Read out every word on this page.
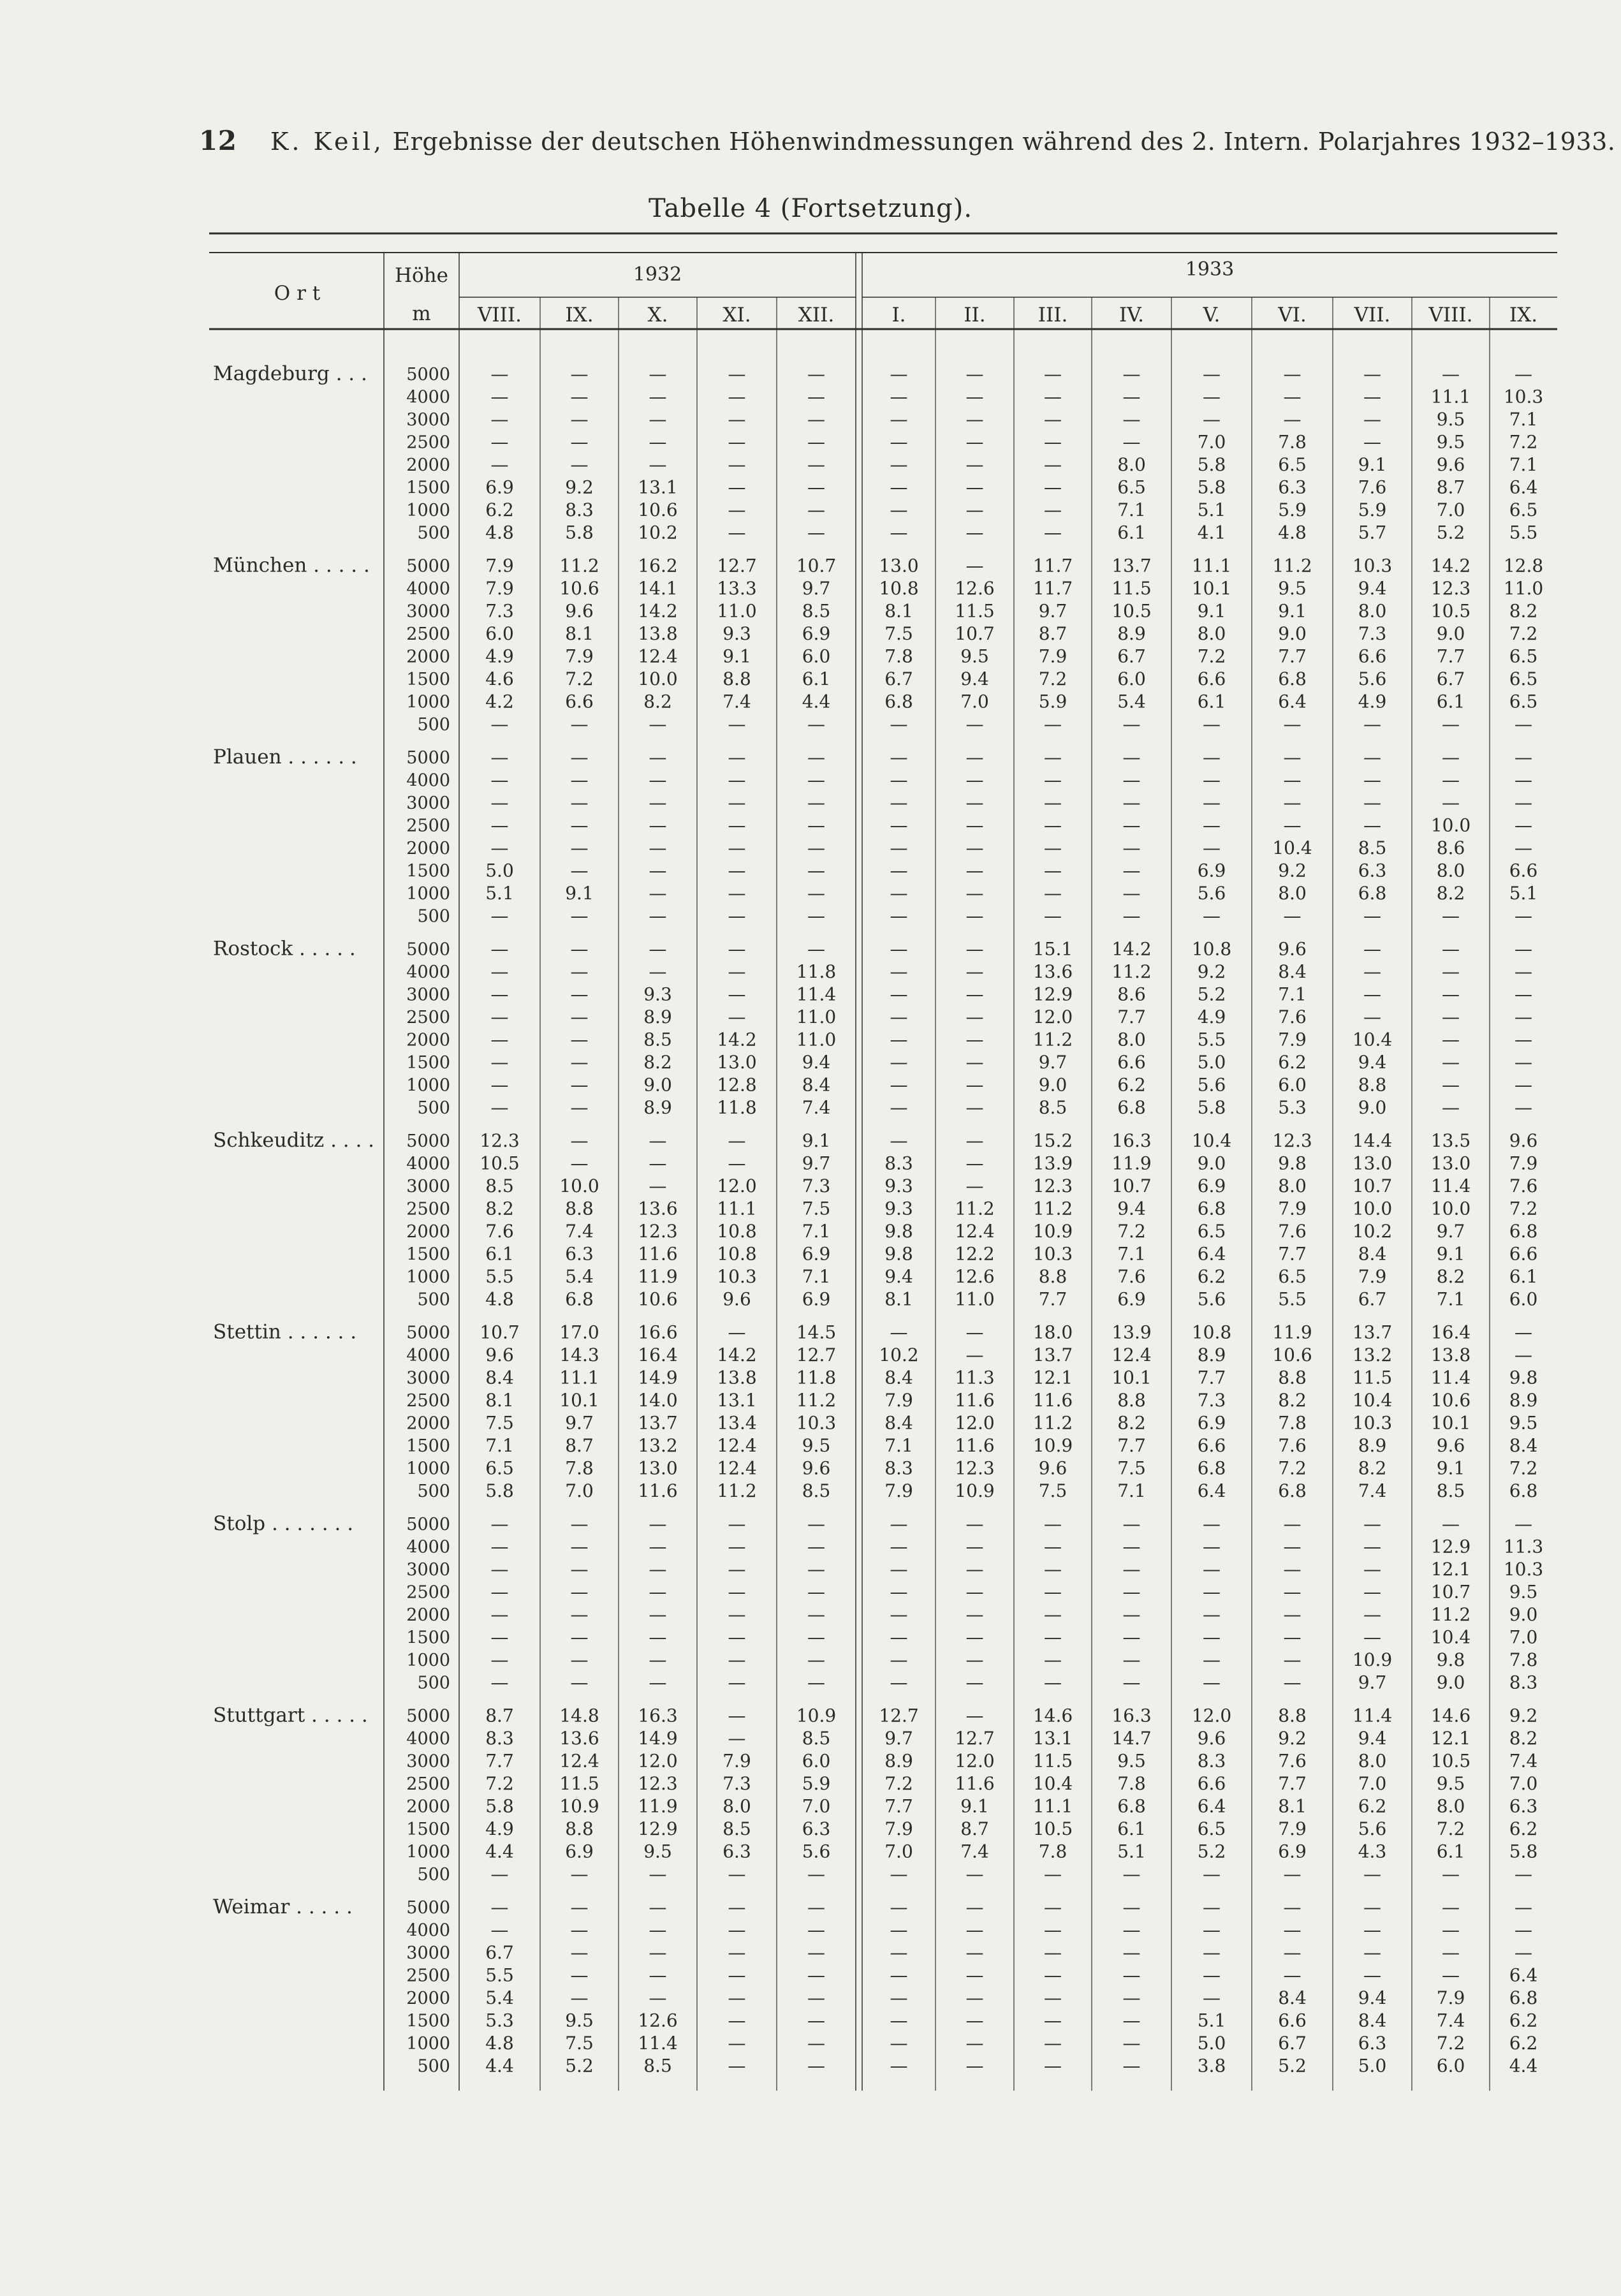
12 K. Keil, Ergebnisse der deutschen Höhenwindmessungen während des 2. Intern. Polarjahres 1932–1933.
Tabelle 4 (Fortsetzung).
O r t
Höhe
m
1932	1933
VIII. IX.	X.	XI. XII.	I.	II.	III.	IV.	V.	VI. VII. VIII. IX.
Magdeburg . . . 5000 —	—	—	—	—	—	—	—	—	—	—	—	—	—
4000 —	—	—	—	—	—	—	—	—	—	—	—	11.1 10.3
3000 —	—	—	—	—	—	—	—	—	—	—	—	9.5 7.1
2500 —	—	—	—	—	—	—	—	—	7.0	7.8	—	9.5 7.2
2000 —	—	—	—	—	—	—	—	8.0	5.8	6.5	9.1	9.6 7.1
1500 6.9	9.2 13.1	—	—	—	—	—	6.5	5.8	6.3	7.6	8.7 6.4
1000 6.2	8.3 10.6	—	—	—	—	—	7.1	5.1	5.9	5.9	7.0 6.5
500 4.8	5.8 10.2	—	—	—	—	—	6.1	4.1	4.8	5.7	5.2 5.5
München . . . . . 5000 7.9	11.2 16.2 12.7 10.7 13.0	—	11.7 13.7 11.1 11.2 10.3 14.2 12.8
4000 7.9	10.6 14.1 13.3	9.7	10.8 12.6 11.7 11.5 10.1	9.5	9.4 12.3 11.0
3000 7.3	9.6 14.2 11.0	8.5	8.1 11.5 9.7	10.5	9.1	9.1	8.0 10.5 8.2
2500 6.0	8.1 13.8	9.3	6.9	7.5 10.7 8.7	8.9	8.0	9.0	7.3	9.0 7.2
2000 4.9	7.9 12.4	9.1	6.0	7.8	9.5	7.9	6.7	7.2	7.7	6.6	7.7 6.5
1500 4.6	7.2 10.0	8.8	6.1	6.7	9.4	7.2	6.0	6.6	6.8	5.6	6.7 6.5
1000 4.2	6.6	8.2	7.4	4.4	6.8	7.0	5.9	5.4	6.1	6.4	4.9	6.1 6.5
500 —	—	—	—	—	—	—	—	—	—	—	—	—	—
Plauen . . . . . .	5000 —	—	—	—	—	—	—	—	—	—	—	—	—	—
4000 —	—	—	—	—	—	—	—	—	—	—	—	—	—
3000 —	—	—	—	—	—	—	—	—	—	—	—	—	—
2500 —	—	—	—	—	—	—	—	—	—	—	—	10.0 —
2000 —	—	—	—	—	—	—	—	—	—	10.4	8.5	8.6	—
1500 5.0	—	—	—	—	—	—	—	—	6.9	9.2	6.3	8.0 6.6
1000 5.1	9.1	—	—	—	—	—	—	—	5.6	8.0	6.8	8.2 5.1
500 —	—	—	—	—	—	—	—	—	—	—	—	—	—
Rostock . . . . .	5000 —	—	—	—	—	—	—	15.1 14.2 10.8	9.6	—	—	—
4000 —	—	—	—	11.8	—	—	13.6 11.2	9.2	8.4	—	—	—
3000 —	—	9.3	—	11.4	—	—	12.9	8.6	5.2	7.1	—	—	—
2500 —	—	8.9	—	11.0	—	—	12.0	7.7	4.9	7.6	—	—	—
2000 —	—	8.5	14.2 11.0	—	—	11.2	8.0	5.5	7.9	10.4	—	—
1500 —	—	8.2	13.0	9.4	—	—	9.7	6.6	5.0	6.2	9.4	—	—
1000 —	—	9.0	12.8	8.4	—	—	9.0	6.2	5.6	6.0	8.8	—	—
500 —	—	8.9	11.8	7.4	—	—	8.5	6.8	5.8	5.3	9.0	—	—
Schkeuditz . . . . 5000 12.3	—	—	—	9.1	—	—	15.2 16.3 10.4 12.3 14.4 13.5 9.6
4000 10.5	—	—	—	9.7	8.3	—	13.9 11.9	9.0	9.8	13.0 13.0 7.9
3000 8.5	10.0	—	12.0	7.3	9.3	—	12.3 10.7	6.9	8.0	10.7 11.4 7.6
2500 8.2	8.8 13.6 11.1	7.5	9.3 11.2 11.2	9.4	6.8	7.9	10.0 10.0 7.2
2000 7.6	7.4 12.3 10.8	7.1	9.8 12.4 10.9	7.2	6.5	7.6	10.2 9.7 6.8
1500 6.1	6.3 11.6 10.8	6.9	9.8 12.2 10.3	7.1	6.4	7.7	8.4	9.1 6.6
1000 5.5	5.4 11.9 10.3	7.1	9.4 12.6 8.8	7.6	6.2	6.5	7.9	8.2 6.1
500 4.8	6.8 10.6	9.6	6.9	8.1 11.0 7.7	6.9	5.6	5.5	6.7	7.1 6.0
Stettin . . . . . .	5000 10.7 17.0 16.6	—	14.5	—	—	18.0 13.9 10.8 11.9 13.7 16.4 —
4000 9.6	14.3 16.4 14.2 12.7 10.2	—	13.7 12.4	8.9	10.6 13.2 13.8 —
3000 8.4	11.1 14.9 13.8 11.8	8.4 11.3 12.1 10.1	7.7	8.8	11.5 11.4 9.8
2500 8.1	10.1 14.0 13.1 11.2	7.9 11.6 11.6	8.8	7.3	8.2	10.4 10.6 8.9
2000 7.5	9.7 13.7 13.4 10.3	8.4 12.0 11.2	8.2	6.9	7.8	10.3 10.1 9.5
1500 7.1	8.7 13.2 12.4	9.5	7.1 11.6 10.9	7.7	6.6	7.6	8.9	9.6 8.4
1000 6.5	7.8 13.0 12.4	9.6	8.3 12.3 9.6	7.5	6.8	7.2	8.2	9.1 7.2
500 5.8	7.0 11.6 11.2	8.5	7.9 10.9 7.5	7.1	6.4	6.8	7.4	8.5 6.8
Stolp . . . . . . .	5000 —	—	—	—	—	—	—	—	—	—	—	—	—	—
4000 —	—	—	—	—	—	—	—	—	—	—	—	12.9 11.3
3000 —	—	—	—	—	—	—	—	—	—	—	—	12.1 10.3
2500 —	—	—	—	—	—	—	—	—	—	—	—	10.7 9.5
2000 —	—	—	—	—	—	—	—	—	—	—	—	11.2 9.0
1500 —	—	—	—	—	—	—	—	—	—	—	—	10.4 7.0
1000 —	—	—	—	—	—	—	—	—	—	—	10.9 9.8 7.8
500 —	—	—	—	—	—	—	—	—	—	—	9.7	9.0 8.3
Stuttgart . . . . . 5000 8.7	14.8 16.3	—	10.9 12.7	—	14.6 16.3 12.0	8.8	11.4 14.6 9.2
4000 8.3	13.6 14.9	—	8.5	9.7 12.7 13.1 14.7	9.6	9.2	9.4 12.1 8.2
3000 7.7	12.4 12.0	7.9	6.0	8.9 12.0 11.5	9.5	8.3	7.6	8.0 10.5 7.4
2500 7.2	11.5 12.3	7.3	5.9	7.2 11.6 10.4	7.8	6.6	7.7	7.0	9.5 7.0
2000 5.8	10.9 11.9	8.0	7.0	7.7	9.1 11.1	6.8	6.4	8.1	6.2	8.0 6.3
1500 4.9	8.8 12.9	8.5	6.3	7.9	8.7 10.5	6.1	6.5	7.9	5.6	7.2 6.2
1000 4.4	6.9	9.5	6.3	5.6	7.0	7.4	7.8	5.1	5.2	6.9	4.3	6.1 5.8
500 —	—	—	—	—	—	—	—	—	—	—	—	—	—
Weimar . . . . .	5000 —	—	—	—	—	—	—	—	—	—	—	—	—	—
4000 —	—	—	—	—	—	—	—	—	—	—	—	—	—
3000 6.7	—	—	—	—	—	—	—	—	—	—	—	—	—
2500 5.5	—	—	—	—	—	—	—	—	—	—	—	—	6.4
2000 5.4	—	—	—	—	—	—	—	—	—	8.4	9.4	7.9 6.8
1500 5.3	9.5 12.6	—	—	—	—	—	—	5.1	6.6	8.4	7.4 6.2
1000 4.8	7.5 11.4	—	—	—	—	—	—	5.0	6.7	6.3	7.2 6.2
500 4.4	5.2	8.5	—	—	—	—	—	—	3.8	5.2	5.0	6.0 4.4
